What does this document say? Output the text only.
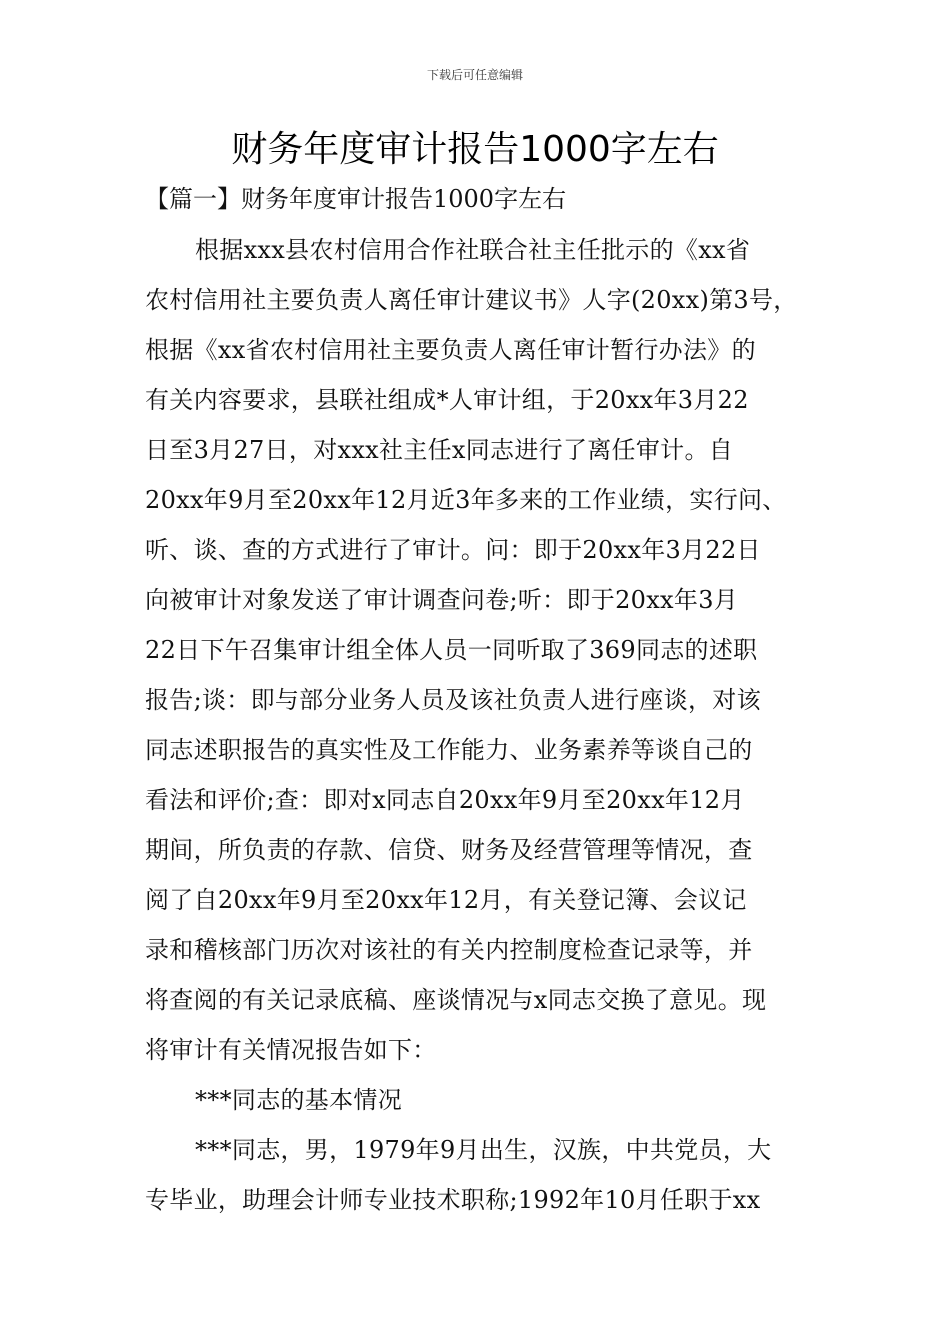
下载后可任意编辑
财务年度审计报告1000字左右
【篇一】财务年度审计报告1000字左右
根据xxx县农村信用合作社联合社主任批示的《xx省
农村信用社主要负责人离任审计建议书》人字(20xx)第3号，
根据《xx省农村信用社主要负责人离任审计暂行办法》的
有关内容要求，县联社组成*人审计组，于20xx年3月22
日至3月27日，对xxx社主任x同志进行了离任审计。自
20xx年9月至20xx年12月近3年多来的工作业绩，实行问、
听、谈、查的方式进行了审计。问：即于20xx年3月22日
向被审计对象发送了审计调查问卷;听：即于20xx年3月
22日下午召集审计组全体人员一同听取了369同志的述职
报告;谈：即与部分业务人员及该社负责人进行座谈，对该
同志述职报告的真实性及工作能力、业务素养等谈自己的
看法和评价;查：即对x同志自20xx年9月至20xx年12月
期间，所负责的存款、信贷、财务及经营管理等情况，查
阅了自20xx年9月至20xx年12月，有关登记簿、会议记
录和稽核部门历次对该社的有关内控制度检查记录等，并
将查阅的有关记录底稿、座谈情况与x同志交换了意见。现
将审计有关情况报告如下：
***同志的基本情况
***同志，男，1979年9月出生，汉族，中共党员，大
专毕业，助理会计师专业技术职称;1992年10月任职于xx
